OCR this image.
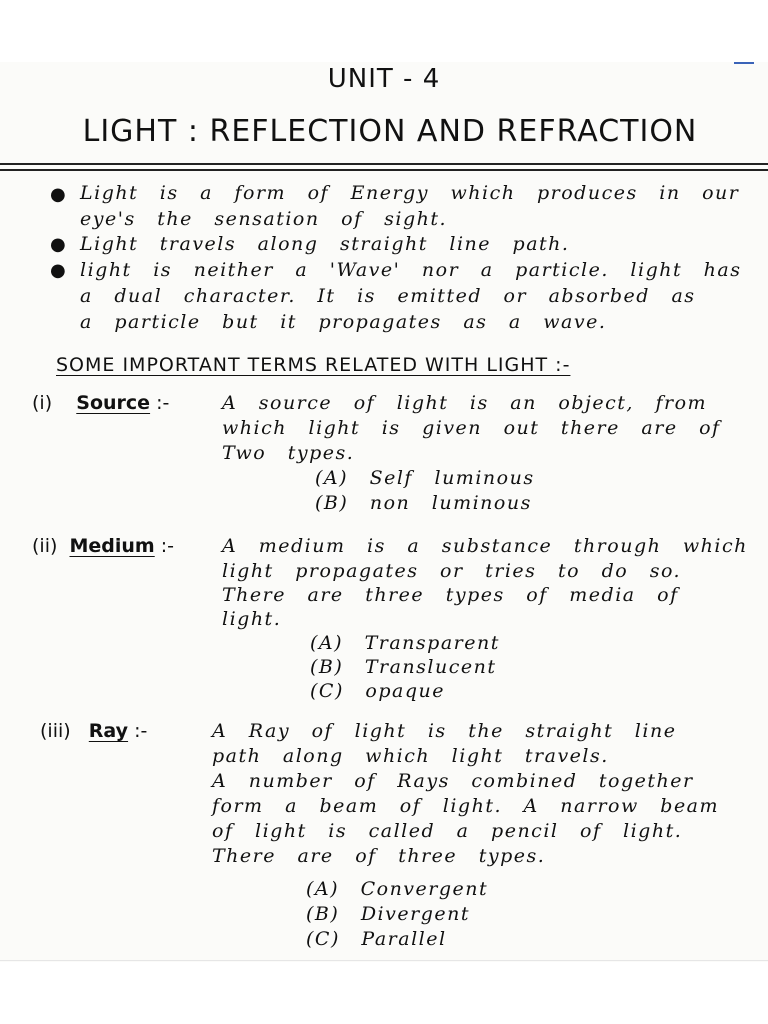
UNIT - 4
LIGHT : REFLECTION AND REFRACTION
● Light is a form of Energy which produces in our
eye's the sensation of sight.
● Light travels along straight line path.
● light is neither a 'Wave' nor a particle. light has
a dual character. It is emitted or absorbed as
a particle but it propagates as a wave.
SOME IMPORTANT TERMS RELATED WITH LIGHT :-
(i) Source :-	A source of light is an object, from
which light is given out there are of
Two types.
(A) Self luminous
(B) non luminous
(ii) Medium :-	A medium is a substance through which
light propagates or tries to do so.
There are three types of media of
light.
(A) Transparent
(B) Translucent
(C) opaque
(iii) Ray :-	A Ray of light is the straight line
path along which light travels.
A number of Rays combined together
form a beam of light. A narrow beam
of light is called a pencil of light.
There are of three types.
(A) Convergent
(B) Divergent
(C) Parallel
